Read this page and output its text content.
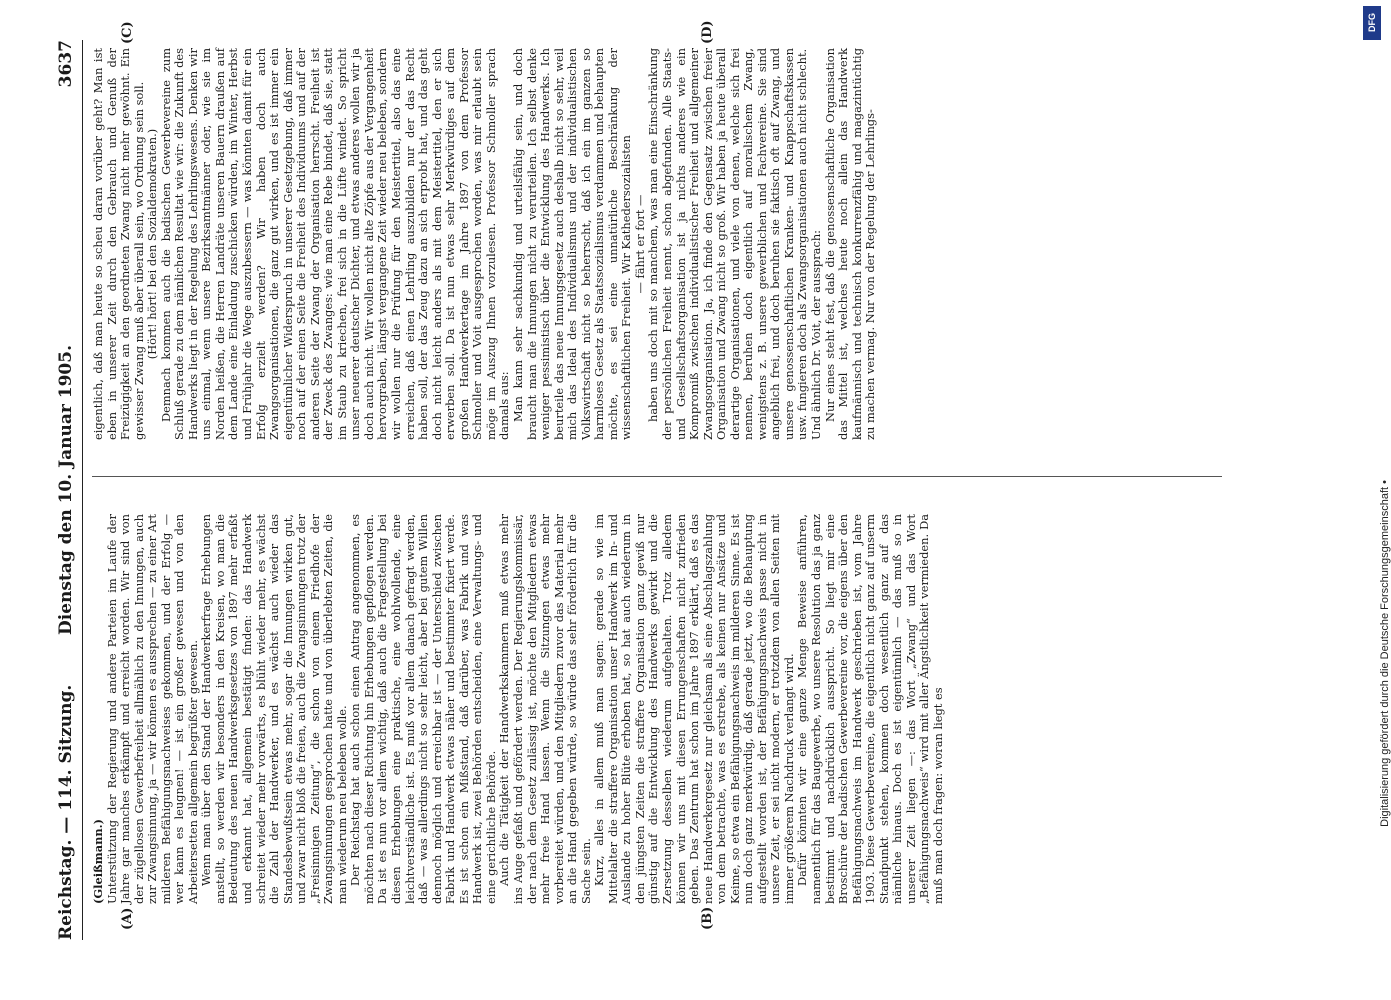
Reichstag. — 114. Sitzung.
Dienstag den 10. Januar 1905.
3637
(A)	(B)
(C)	(D)

(Gleißmann.) Unterstützung der Regierung und andere Parteien im Laufe der Jahre gar manches erkämpft und erreicht worden. Wir sind von der zügellosen Gewerbefreiheit allmählich zu den Innungen, auch zur Zwangsinnung, ja — wir können es aussprechen — zu einer Art milderen Befähigungsnachweises gekommen, und der Erfolg — wer kann es leugnen! — ist ein großer gewesen und von den Arbeitersetten allgemein begrüßter gewesen. Wenn man über den Stand der Handwerkerfrage Erhebungen anstellt, so werden wir besonders in den Kreisen, wo man die Bedeutung des neuen Handwerksgesetzes von 1897 mehr erfaßt und erkannt hat, allgemein bestätigt finden: das Handwerk schreitet wieder mehr vorwärts, es blüht wieder mehr, es wächst die Zahl der Handwerker, und es wächst auch wieder das Standesbewußtsein etwas mehr, sogar die Innungen wirken gut, und zwar nicht bloß die freien, auch die Zwangsinnungen trotz der „Freisinnigen Zeitung“, die schon von einem Friedhofe der Zwangsinnungen gesprochen hatte und von überlebten Zeiten, die man wiederum neu beleben wolle. Der Reichstag hat auch schon einen Antrag angenommen, es möchten nach dieser Richtung hin Erhebungen gepflogen werden. Da ist es nun vor allem wichtig, daß auch die Fragestellung bei diesen Erhebungen eine praktische, eine wohlwollende, eine leichtverständliche ist. Es muß vor allem danach gefragt werden, daß — was allerdings nicht so sehr leicht, aber bei gutem Willen dennoch möglich und erreichbar ist — der Unterschied zwischen Fabrik und Handwerk etwas näher und bestimmter fixiert werde. Es ist schon ein Mißstand, daß darüber, was Fabrik und was Handwerk ist, zwei Behörden entscheiden, eine Verwaltungs- und eine gerichtliche Behörde. Auch die Tätigkeit der Handwerkskammern muß etwas mehr ins Auge gefaßt und gefördert werden. Der Regierungskommissär, der nach dem Gesetz zulässig ist, möchte den Mitgliedern etwas mehr freie Hand lassen. Wenn die Sitzungen etwas mehr vorbereitet würden, und den Mitgliedern zuvor das Material mehr an die Hand gegeben würde, so würde das sehr förderlich für die Sache sein. Kurz, alles in allem muß man sagen: gerade so wie im Mittelalter die straffere Organisation unser Handwerk im In- und Auslande zu hoher Blüte erhoben hat, so hat auch wiederum in den jüngsten Zeiten die straffere Organisation ganz gewiß nur günstig auf die Entwicklung des Handwerks gewirkt und die Zersetzung desselben wiederum aufgehalten. Trotz alledem können wir uns mit diesen Errungenschaften nicht zufrieden geben. Das Zentrum hat schon im Jahre 1897 erklärt, daß es das neue Handwerkergesetz nur gleichsam als eine Abschlagszahlung von dem betrachte, was es erstrebe, als keinen nur Ansätze und Keime, so etwa ein Befähigungsnachweis im milderen Sinne. Es ist nun doch ganz merkwürdig, daß gerade jetzt, wo die Behauptung aufgestellt worden ist, der Befähigungsnachweis passe nicht in unsere Zeit, er sei nicht modern, er trotzdem von allen Seiten mit immer größerem Nachdruck verlangt wird. Dafür könnten wir eine ganze Menge Beweise anführen, namentlich für das Baugewerbe, wo unsere Resolution das ja ganz bestimmt und nachdrücklich ausspricht. So liegt mir eine Broschüre der badischen Gewerbevereine vor, die eigens über den Befähigungsnachweis im Handwerk geschrieben ist, vom Jahre 1903. Diese Gewerbevereine, die eigentlich nicht ganz auf unserm Standpunkt stehen, kommen doch wesentlich ganz auf das nämliche hinaus. Doch es ist eigentümlich — das muß so in unserer Zeit liegen —: das Wort „Zwang“ und das Wort „Befähigungsnachweis“ wird mit aller Ängstlichkeit vermieden. Da muß man doch fragen: woran liegt es

eigentlich, daß man heute so scheu daran vorüber geht? Man ist eben in unserer Zeit durch den Gebrauch und Genuß der Freizügigkeit an den geordneten Zwang nicht mehr gewöhnt. Ein gewisser Zwang muß aber überall sein, wo Ordnung sein soll. (Hört! hört! bei den Sozialdemokraten.) Demnach kommen auch die badischen Gewerbevereine zum Schluß gerade zu dem nämlichen Resultat wie wir: die Zukunft des Handwerks liegt in der Regelung des Lehrlingswesens. Denken wir uns einmal, wenn unsere Bezirksamtmänner oder, wie sie im Norden heißen, die Herren Landräte unseren Bauern draußen auf dem Lande eine Einladung zuschicken würden, im Winter, Herbst und Frühjahr die Wege auszubessern — was könnten damit für ein Erfolg erzielt werden? Wir haben doch auch Zwangsorganisationen, die ganz gut wirken, und es ist immer ein eigentümlicher Widerspruch in unserer Gesetzgebung, daß immer noch auf der einen Seite die Freiheit des Individuums und auf der anderen Seite der Zwang der Organisation herrscht. Freiheit ist der Zweck des Zwanges: wie man eine Rebe bindet, daß sie, statt im Staub zu kriechen, frei sich in die Lüfte windet. So spricht unser neuerer deutscher Dichter, und etwas anderes wollen wir ja doch auch nicht. Wir wollen nicht alte Zöpfe aus der Vergangenheit hervorgraben, längst vergangene Zeit wieder neu beleben, sondern wir wollen nur die Prüfung für den Meistertitel, also das eine erreichen, daß einen Lehrling auszubilden nur der das Recht haben soll, der das Zeug dazu an sich erprobt hat, und das geht doch nicht leicht anders als mit dem Meistertitel, den er sich erwerben soll. Da ist nun etwas sehr Merkwürdiges auf dem großen Handwerkertage im Jahre 1897 von dem Professor Schmoller und Voit ausgesprochen worden, was mir erlaubt sein möge im Auszug Ihnen vorzulesen. Professor Schmoller sprach damals aus: Man kann sehr sachkundig und urteilsfähig sein, und doch braucht man die Innungen nicht zu verurteilen. Ich selbst denke weniger pessimistisch über die Entwicklung des Handwerks. Ich beurteile das neue Innungsgesetz auch deshalb nicht so sehr, weil mich das Ideal des Individualismus und der individualistischen Volkswirtschaft nicht so beherrscht, daß ich ein im ganzen so harmloses Gesetz als Staatssozialismus verdammen und behaupten möchte, es sei eine unnatürliche Beschränkung der wissenschaftlichen Freiheit. Wir Kathedersozialisten — fährt er fort — haben uns doch mit so manchem, was man eine Einschränkung der persönlichen Freiheit nennt, schon abgefunden. Alle Staats- und Gesellschaftsorganisation ist ja nichts anderes wie ein Kompromiß zwischen individualistischer Freiheit und allgemeiner Zwangsorganisation. Ja, ich finde den Gegensatz zwischen freier Organisation und Zwang nicht so groß. Wir haben ja heute überall derartige Organisationen, und viele von denen, welche sich frei nennen, beruhen doch eigentlich auf moralischem Zwang, wenigstens z. B. unsere gewerblichen und Fachvereine. Sie sind angeblich frei, und doch beruhen sie faktisch oft auf Zwang, und unsere genossenschaftlichen Kranken- und Knappschaftskassen usw. fungieren doch als Zwangsorganisationen auch nicht schlecht. Und ähnlich Dr. Voit, der aussprach: Nur eines steht fest, daß die genossenschaftliche Organisation das Mittel ist, welches heute noch allein das Handwerk kaufmännisch und technisch konkurrenzfähig und magazintüchtig zu machen vermag. Nur von der Regelung der Lehrlings-

DFG
Digitalisierung gefördert durch die Deutsche Forschungsgemeinschaft •
